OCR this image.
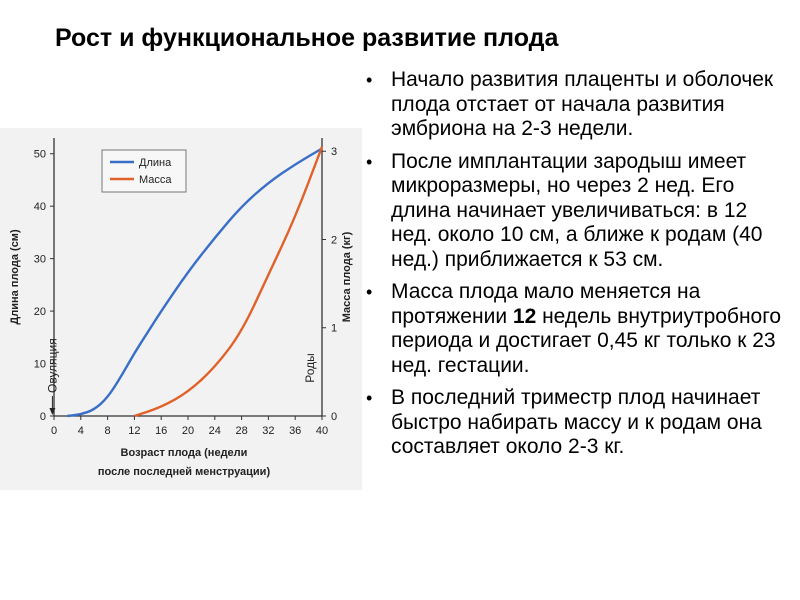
Рост и функциональное развитие плода
0 4 8 12 16 20 24 28 32 36 40
0
10
20
30
40
50
0
1
2
3
Длина плода (см)	Масса плода (кг)
Возраст плода (недели
после последней менструации)
Овуляция	Роды
Длина
Масса
• Начало развития плаценты и оболочек плода отстает от начала развития эмбриона на 2-3 недели.
• После имплантации зародыш имеет микроразмеры, но через 2 нед. Его длина начинает увеличиваться: в 12 нед. около 10 см, а ближе к родам (40 нед.) приближается к 53 см.
• Масса плода мало меняется на протяжении 12 недель внутриутробного периода и достигает 0,45 кг только к 23 нед. гестации.
• В последний триместр плод начинает быстро набирать массу и к родам она составляет около 2-3 кг.
